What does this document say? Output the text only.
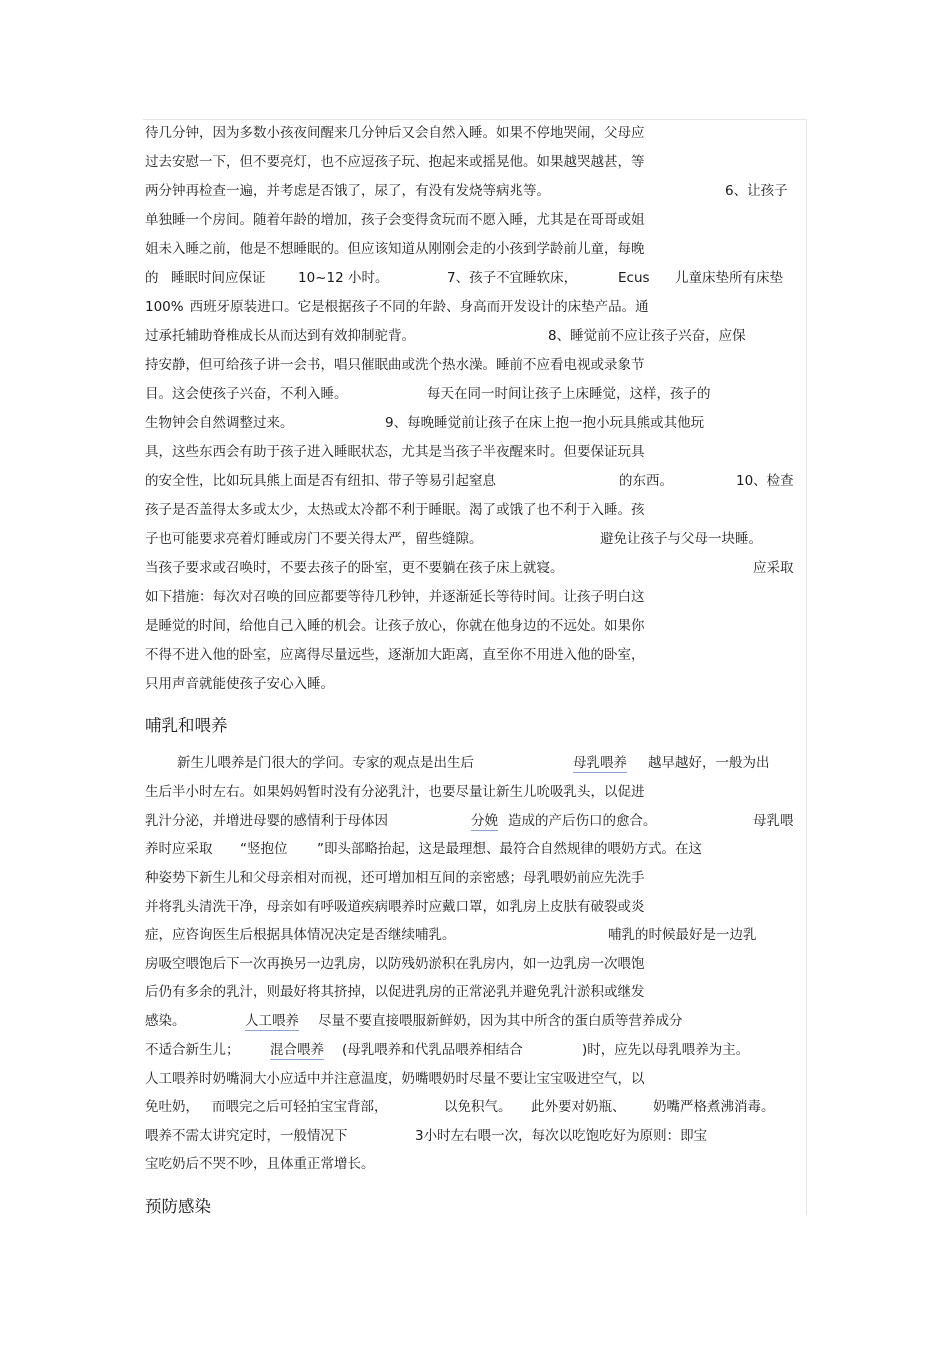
待几分钟，因为多数小孩夜间醒来几分钟后又会自然入睡。如果不停地哭闹，父母应
过去安慰一下，但不要亮灯，也不应逗孩子玩、抱起来或摇晃他。如果越哭越甚，等
两分钟再检查一遍，并考虑是否饿了，尿了，有没有发烧等病兆等。	6、让孩子
单独睡一个房间。随着年龄的增加，孩子会变得贪玩而不愿入睡，尤其是在哥哥或姐
姐未入睡之前，他是不想睡眠的。但应该知道从刚刚会走的小孩到学龄前儿童，每晚
的 睡眠时间应保证 10~12 小时。	7、孩子不宜睡软床，	Ecus 儿童床垫所有床垫
100% 西班牙原装进口。它是根据孩子不同的年龄、身高而开发设计的床垫产品。通
过承托辅助脊椎成长从而达到有效抑制驼背。	8、睡觉前不应让孩子兴奋，应保
持安静，但可给孩子讲一会书，唱只催眠曲或洗个热水澡。睡前不应看电视或录象节
目。这会使孩子兴奋，不利入睡。	每天在同一时间让孩子上床睡觉，这样，孩子的
生物钟会自然调整过来。	9、每晚睡觉前让孩子在床上抱一抱小玩具熊或其他玩
具，这些东西会有助于孩子进入睡眠状态，尤其是当孩子半夜醒来时。但要保证玩具
的安全性，比如玩具熊上面是否有纽扣、带子等易引起窒息	的东西。	10、检查
孩子是否盖得太多或太少，太热或太冷都不利于睡眠。渴了或饿了也不利于入睡。孩
子也可能要求亮着灯睡或房门不要关得太严，留些缝隙。	避免让孩子与父母一块睡。
当孩子要求或召唤时，不要去孩子的卧室，更不要躺在孩子床上就寝。	应采取
如下措施：每次对召唤的回应都要等待几秒钟，并逐渐延长等待时间。让孩子明白这
是睡觉的时间，给他自己入睡的机会。让孩子放心，你就在他身边的不远处。如果你
不得不进入他的卧室，应离得尽量远些，逐渐加大距离，直至你不用进入他的卧室，
只用声音就能使孩子安心入睡。
哺乳和喂养
新生儿喂养是门很大的学问。专家的观点是出生后	母乳喂养 越早越好，一般为出
生后半小时左右。如果妈妈暂时没有分泌乳汁，也要尽量让新生儿吮吸乳头，以促进
乳汁分泌，并增进母婴的感情利于母体因	分娩 造成的产后伤口的愈合。	母乳喂
养时应采取 “竖抱位 ”即头部略抬起，这是最理想、最符合自然规律的喂奶方式。在这
种姿势下新生儿和父母亲相对而视，还可增加相互间的亲密感；母乳喂奶前应先洗手
并将乳头清洗干净，母亲如有呼吸道疾病喂养时应戴口罩，如乳房上皮肤有破裂或炎
症，应咨询医生后根据具体情况决定是否继续哺乳。	哺乳的时候最好是一边乳
房吸空喂饱后下一次再换另一边乳房，以防残奶淤积在乳房内，如一边乳房一次喂饱
后仍有多余的乳汁，则最好将其挤掉，以促进乳房的正常泌乳并避免乳汁淤积或继发
感染。	人工喂养 尽量不要直接喂服新鲜奶，因为其中所含的蛋白质等营养成分
不适合新生儿； 混合喂养 (母乳喂养和代乳品喂养相结合	)时，应先以母乳喂养为主。
人工喂养时奶嘴洞大小应适中并注意温度，奶嘴喂奶时尽量不要让宝宝吸进空气，以
免吐奶， 而喂完之后可轻拍宝宝背部，	以免积气。 此外要对奶瓶、 奶嘴严格煮沸消毒。
喂养不需太讲究定时，一般情况下	3小时左右喂一次，每次以吃饱吃好为原则：即宝
宝吃奶后不哭不吵，且体重正常增长。
预防感染
